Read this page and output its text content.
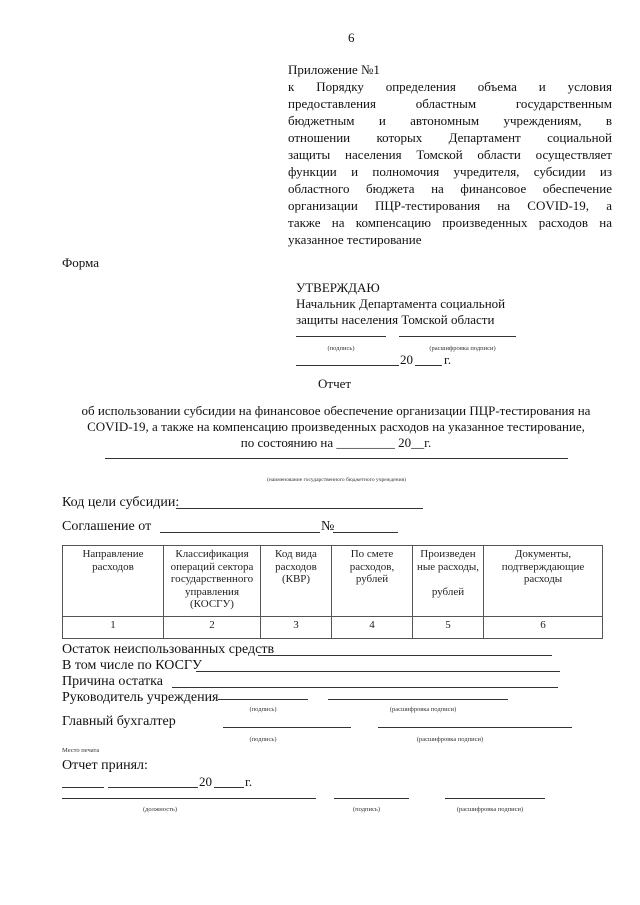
6
Приложение №1
к Порядку определения объема и условия
предоставления областным государственным
бюджетным и автономным учреждениям, в
отношении которых Департамент социальной
защиты населения Томской области осуществляет
функции и полномочия учредителя, субсидии из
областного бюджета на финансовое обеспечение
организации ПЦР-тестирования на COVID-19, а
также на компенсацию произведенных расходов на
указанное тестирование
Форма
УТВЕРЖДАЮ
Начальник Департамента социальной
защиты населения Томской области
(подпись)	(расшифровка подписи)
20 г.
Отчет
об использовании субсидии на финансовое обеспечение организации ПЦР-тестирования на
COVID-19, а также на компенсацию произведенных расходов на указанное тестирование,
по состоянию на _________ 20__г.
(наименование государственного бюджетного учреждения)
Код цели субсидии:
Соглашение от	№
Направление расходов	Классификация операций сектора государственного управления (КОСГУ)	Код вида расходов (КВР)	По смете расходов, рублей	Произведен ные расходы,

рублей	Документы, подтверждающие расходы
1	2	3	4	5	6
Остаток неиспользованных средств
В том числе по КОСГУ
Причина остатка
Руководитель учреждения
(подпись)	(расшифровка подписи)
Главный бухгалтер
(подпись)	(расшифровка подписи)
Место печата
Отчет принял:
20	г.
(должность)	(подпись)	(расшифровка подписи)
